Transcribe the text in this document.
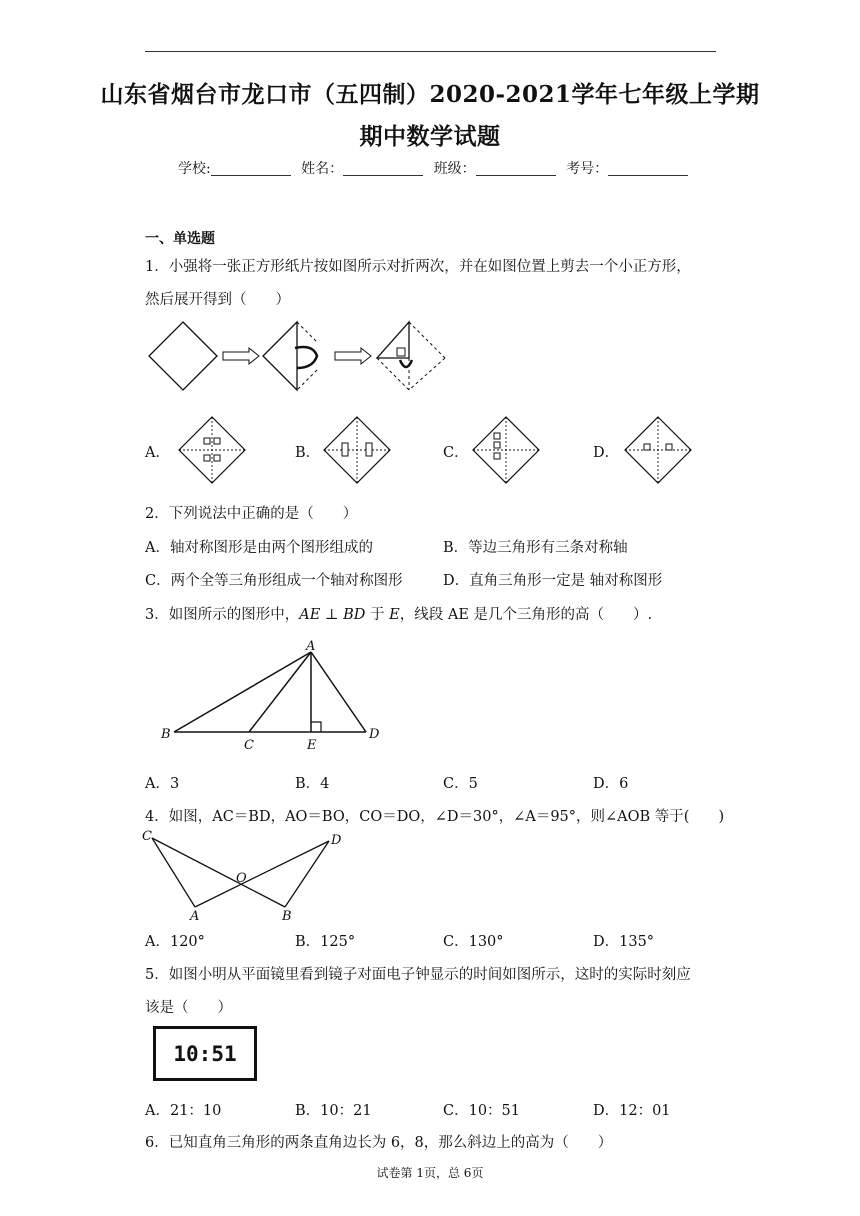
山东省烟台市龙口市（五四制）2020-2021学年七年级上学期
期中数学试题
学校:	姓名：	班级：	考号：
一、单选题
1．小强将一张正方形纸片按如图所示对折两次，并在如图位置上剪去一个小正方形，
然后展开得到（　　）
A．	B．	C．	D．
2．下列说法中正确的是（　　）
A．轴对称图形是由两个图形组成的	B．等边三角形有三条对称轴
C．两个全等三角形组成一个轴对称图形	D．直角三角形一定是 轴对称图形
3．如图所示的图形中，AE ⊥ BD 于 E，线段 AE 是几个三角形的高（　　）.
A
B
C	E
D
A．3	B．4	C．5	D．6
4．如图，AC＝BD，AO＝BO，CO＝DO，∠D＝30°，∠A＝95°，则∠AOB 等于(　　)
C	D
O
A	B
A．120°	B．125°	C．130°	D．135°
5．如图小明从平面镜里看到镜子对面电子钟显示的时间如图所示，这时的实际时刻应
该是（　　）
10:51
A．21：10	B．10：21	C．10：51	D．12：01
6．已知直角三角形的两条直角边长为 6，8，那么斜边上的高为（　　）
试卷第 1页，总 6页
